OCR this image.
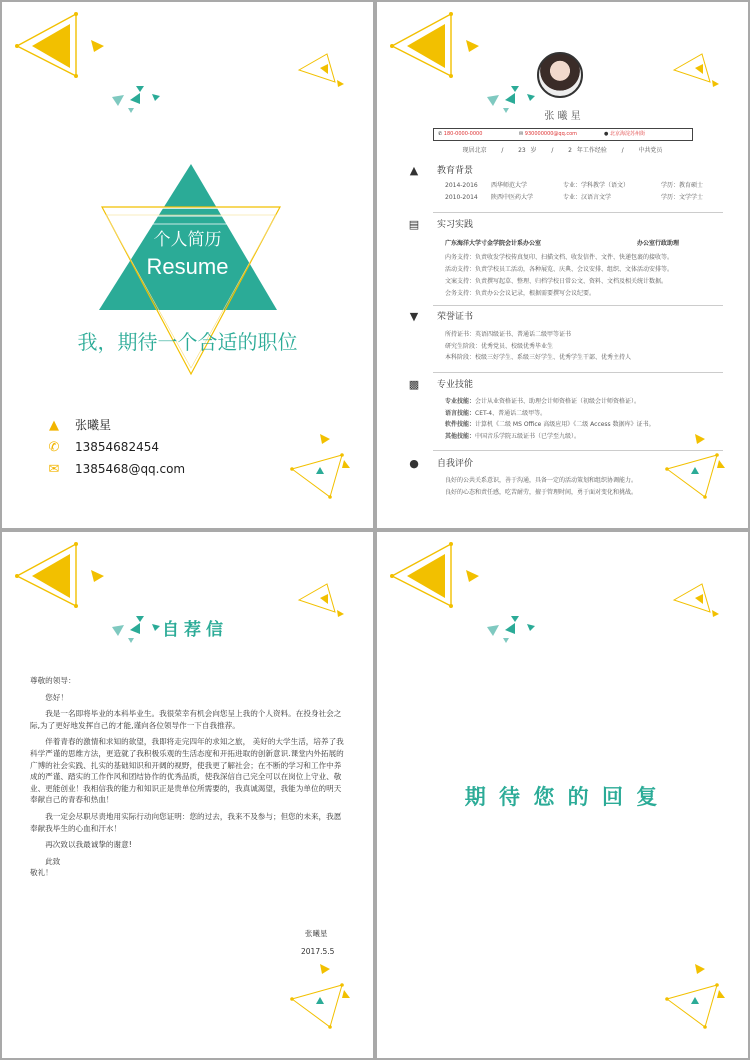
个人简历
Resume
我，期待一个合适的职位
▲ 张曦星
✆ 13854682454
✉ 1385468@qq.com
张 曦 星
✆ 180-0000-0000	✉ 930000000@qq.com	● 北京海淀苏州街
现居北京 / 23 岁 / 2 年工作经验 / 中共党员
▲	教育背景
2014-2016 西华师范大学	专业：学科教学（语文）	学历：教育硕士
2010-2014 陕西中医药大学	专业：汉语言文学	学历：文学学士
▤ 实习实践
广东海洋大学寸金学院会计系办公室	办公室行政助理
内务支持：负责收发学校传真复印、扫描文档、收发信件、文件、快递包裹的接收等。
活动支持：负责学校员工活动，各种展览、庆典、会议安排、组织、文体活动安排等。
文案支持：负责撰写起草、整理、归档学校日常公文、资料、文档及相关统计数据。
会务支持：负责办公会议记录，根据需要撰写会议纪要。
▼	荣誉证书
所持证书：英语四级证书、普通话二级甲等证书
研究生阶段：优秀党员、校级优秀毕业生
本科阶段：校级三好学生、系级三好学生、优秀学生干部、优秀主持人
▩ 专业技能
专业技能：会计从业资格证书、助理会计师资格证（初级会计师资格证）。
语言技能：CET-4、普通话二级甲等。
软件技能：计算机《二级 MS Office 高级应用》《二级 Access 数据库》证书。
其他技能：中国音乐学院五级证书（已学至九级）。
● 自我评价
良好的公共关系意识，善于沟通，具备一定的活动策划和组织协调能力。
良好的心态和责任感，吃苦耐劳，擅于管理时间，勇于面对变化和挑战。
自荐信

尊敬的领导：

您好！

我是一名即将毕业的本科毕业生。我很荣幸有机会向您呈上我的个人资料。在投身社会之际,为了更好地发挥自己的才能,谨向各位领导作一下自我推荐。

伴着青春的激情和求知的欲望，我即将走完四年的求知之旅， 美好的大学生活，培养了我科学严谨的思维方法，更造就了我积极乐观的生活态度和开拓进取的创新意识.课堂内外拓展的广博的社会实践、扎实的基础知识和开阔的视野，使我更了解社会；在不断的学习和工作中养成的严谨、踏实的工作作风和团结协作的优秀品质，使我深信自己完全可以在岗位上守业、敬业、更能创业！我相信我的能力和知识正是贵单位所需要的，我真诚渴望，我能为单位的明天奉献自己的青春和热血！

我一定会尽职尽责地用实际行动向您证明：您的过去，我来不及参与；但您的未来，我愿奉献我毕生的心血和汗水！

再次致以我最诚挚的谢意!

此致
敬礼！
张曦星
2017.5.5
期 待 您 的 回 复
